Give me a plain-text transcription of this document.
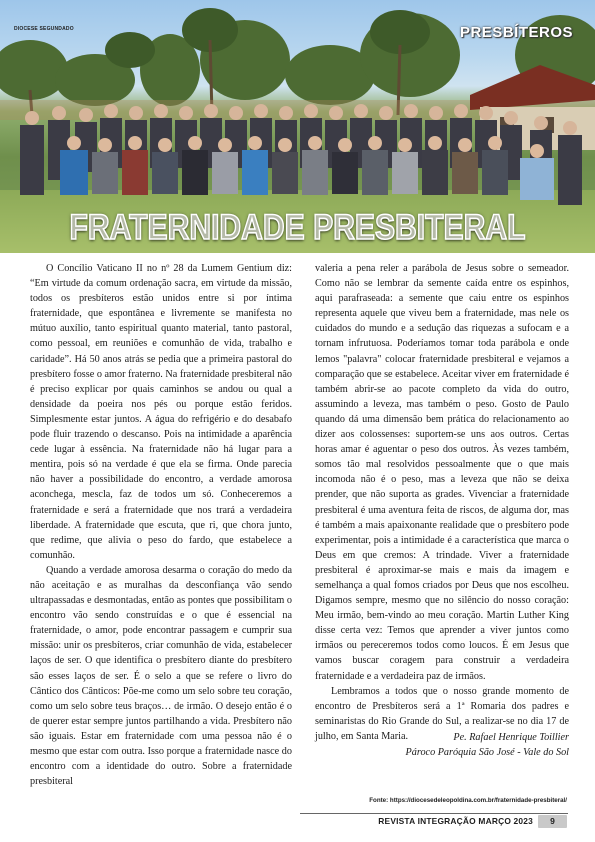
DIOCESE SEGUNDADO	PRESBÍTEROS
FRATERNIDADE PRESBITERAL

O Concílio Vaticano II no nº 28 da Lumem Gentium diz: “Em virtude da comum ordenação sacra, em virtude da missão, todos os presbíteros estão unidos entre si por íntima fraternidade, que espontânea e livremente se manifesta no mútuo auxílio, tanto espiritual quanto material, tanto pastoral, como pessoal, em reuniões e comunhão de vida, trabalho e caridade”. Há 50 anos atrás se pedia que a primeira pastoral do presbítero fosse o amor fraterno. Na fraternidade presbiteral não é preciso explicar por quais caminhos se andou ou qual a densidade da poeira nos pés ou porque estão feridos. Simplesmente estar juntos. A água do refrigério e do desabafo pode fluir trazendo o descanso. Pois na intimidade a aparência cede lugar à essência. Na fraternidade não há lugar para a mentira, pois só na verdade é que ela se firma. Onde parecia não haver a possibilidade do encontro, a verdade amorosa aconchega, mescla, faz de todos um só. Conheceremos a fraternidade e será a fraternidade que nos trará a verdadeira liberdade. A fraternidade que escuta, que ri, que chora junto, que redime, que alivia o peso do fardo, que estabelece a comunhão.

Quando a verdade amorosa desarma o coração do medo da não aceitação e as muralhas da desconfiança vão sendo ultrapassadas e desmontadas, então as pontes que possibilitam o encontro vão sendo construídas e o que é essencial na fraternidade, o amor, pode encontrar passagem e cumprir sua missão: unir os presbíteros, criar comunhão de vida, estabelecer laços de ser. O que identifica o presbítero diante do presbítero são esses laços de ser. É o selo a que se refere o livro do Cântico dos Cânticos: Põe-me como um selo sobre teu coração, como um selo sobre teus braços… de irmão. O desejo então é o de querer estar sempre juntos partilhando a vida. Presbítero não são iguais. Estar em fraternidade com uma pessoa não é o mesmo que estar com outra. Isso porque a fraternidade nasce do encontro com a identidade do outro. Sobre a fraternidade presbiteral

valeria a pena reler a parábola de Jesus sobre o semeador. Como não se lembrar da semente caída entre os espinhos, aqui parafraseada: a semente que caiu entre os espinhos representa aquele que viveu bem a fraternidade, mas nele os cuidados do mundo e a sedução das riquezas a sufocam e a tornam infrutuosa. Poderíamos tomar toda parábola e onde lemos "palavra" colocar fraternidade presbiteral e vejamos a comparação que se estabelece. Aceitar viver em fraternidade é também abrir-se ao pacote completo da vida do outro, assumindo a leveza, mas também o peso. Gosto de Paulo quando dá uma dimensão bem prática do relacionamento ao dizer aos colossenses: suportem-se uns aos outros. Certas horas amar é aguentar o peso dos outros. Às vezes também, somos tão mal resolvidos pessoalmente que o que mais incomoda não é o peso, mas a leveza que não se deixa prender, que não suporta as grades. Vivenciar a fraternidade presbiteral é uma aventura feita de riscos, de alguma dor, mas é também a mais apaixonante realidade que o presbítero pode experimentar, pois a intimidade é a característica que marca o Deus em que cremos: A trindade. Viver a fraternidade presbiteral é aproximar-se mais e mais da imagem e semelhança a qual fomos criados por Deus que nos escolheu. Digamos sempre, mesmo que no silêncio do nosso coração: Meu irmão, bem-vindo ao meu coração. Martin Luther King disse certa vez: Temos que aprender a viver juntos como irmãos ou pereceremos todos como loucos. É em Jesus que vamos buscar coragem para construir a verdadeira fraternidade e a verdadeira paz de irmãos.

Lembramos a todos que o nosso grande momento de encontro de Presbíteros será a 1ª Romaria dos padres e seminaristas do Rio Grande do Sul, a realizar-se no dia 17 de julho, em Santa Maria.	Pe. Rafael Henrique Toillier
Pároco Paróquia São José - Vale do Sol
Fonte: https://diocesedeleopoldina.com.br/fraternidade-presbiteral/
REVISTA INTEGRAÇÃO MARÇO 2023	9
